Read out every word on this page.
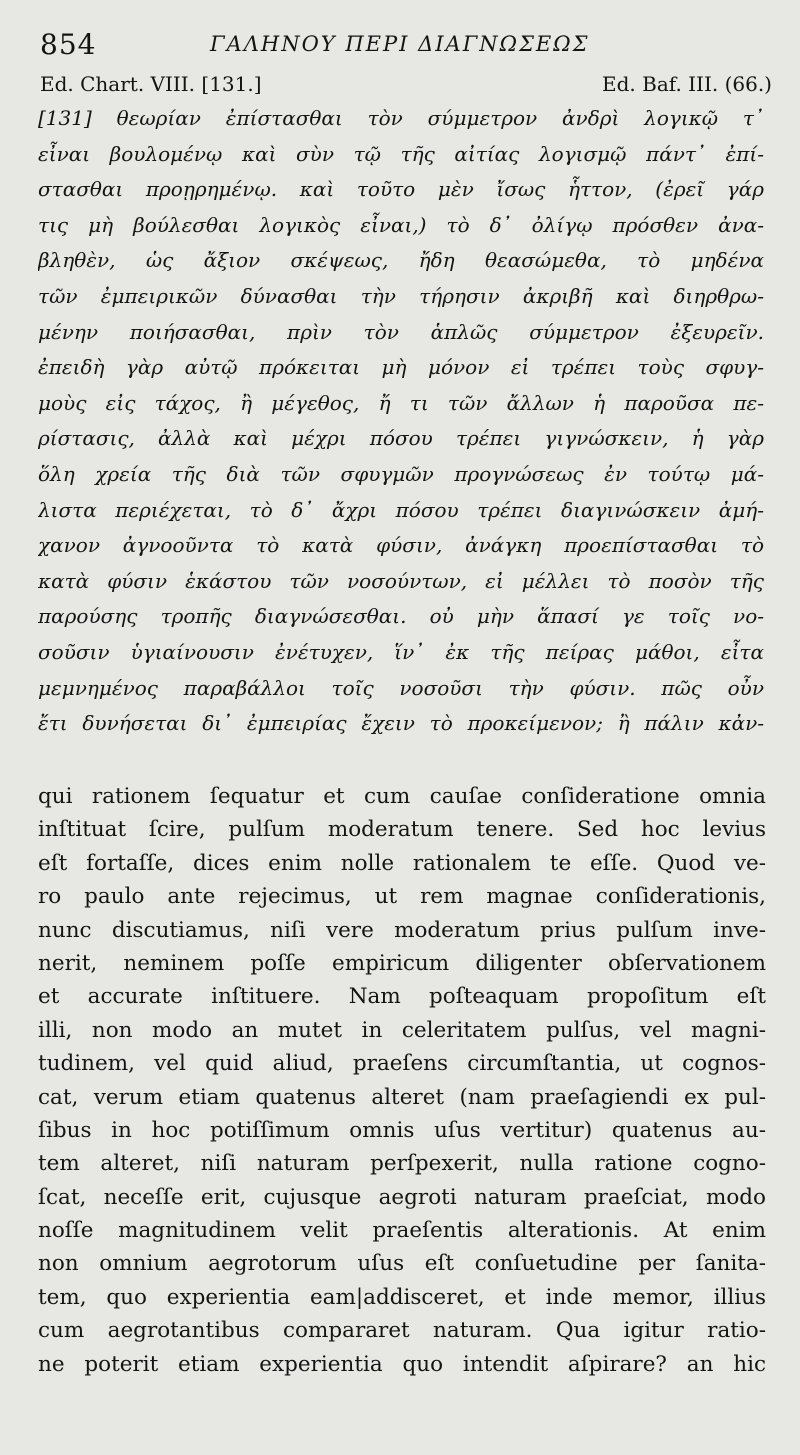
854	ΓΑΛΗΝΟΥ ΠΕΡΙ ΔΙΑΓΝΩΣΕΩΣ
Ed. Chart. VIII. [131.]	Ed. Baf. III. (66.)
[131] θεωρίαν ἐπίστασθαι τὸν σύμμετρον ἀνδρὶ λογικῷ τ᾽
εἶναι βουλομένῳ καὶ σὺν τῷ τῆς αἰτίας λογισμῷ πάντ᾽ ἐπί-
στασθαι προῃρημένῳ. καὶ τοῦτο μὲν ἴσως ἧττον, (ἐρεῖ γάρ
τις μὴ βούλεσθαι λογικὸς εἶναι,) τὸ δ᾽ ὀλίγῳ πρόσθεν ἀνα-
βληθὲν, ὡς ἄξιον σκέψεως, ἤδη θεασώμεθα, τὸ μηδένα
τῶν ἐμπειρικῶν δύνασθαι τὴν τήρησιν ἀκριβῆ καὶ διηρθρω-
μένην ποιήσασθαι, πρὶν τὸν ἁπλῶς σύμμετρον ἐξευρεῖν.
ἐπειδὴ γὰρ αὐτῷ πρόκειται μὴ μόνον εἰ τρέπει τοὺς σφυγ-
μοὺς εἰς τάχος, ἢ μέγεθος, ἤ τι τῶν ἄλλων ἡ παροῦσα πε-
ρίστασις, ἀλλὰ καὶ μέχρι πόσου τρέπει γιγνώσκειν, ἡ γὰρ
ὅλη χρεία τῆς διὰ τῶν σφυγμῶν προγνώσεως ἐν τούτῳ μά-
λιστα περιέχεται, τὸ δ᾽ ἄχρι πόσου τρέπει διαγινώσκειν ἀμή-
χανον ἀγνοοῦντα τὸ κατὰ φύσιν, ἀνάγκη προεπίστασθαι τὸ
κατὰ φύσιν ἑκάστου τῶν νοσούντων, εἰ μέλλει τὸ ποσὸν τῆς
παρούσης τροπῆς διαγνώσεσθαι. οὐ μὴν ἅπασί γε τοῖς νο-
σοῦσιν ὑγιαίνουσιν ἐνέτυχεν, ἵν᾽ ἐκ τῆς πείρας μάθοι, εἶτα
μεμνημένος παραβάλλοι τοῖς νοσοῦσι τὴν φύσιν. πῶς οὖν
ἔτι δυνήσεται δι᾽ ἐμπειρίας ἔχειν τὸ προκείμενον; ἢ πάλιν κἀν-
qui rationem ſequatur et cum cauſae conſideratione omnia
inſtituat ſcire, pulſum moderatum tenere. Sed hoc levius
eſt fortaſſe, dices enim nolle rationalem te eſſe. Quod ve-
ro paulo ante rejecimus, ut rem magnae conſiderationis,
nunc discutiamus, niſi vere moderatum prius pulſum inve-
nerit, neminem poſſe empiricum diligenter obſervationem
et accurate inſtituere. Nam poſteaquam propoſitum eſt
illi, non modo an mutet in celeritatem pulſus, vel magni-
tudinem, vel quid aliud, praeſens circumſtantia, ut cognos-
cat, verum etiam quatenus alteret (nam praeſagiendi ex pul-
ſibus in hoc potiſſimum omnis uſus vertitur) quatenus au-
tem alteret, niſi naturam perſpexerit, nulla ratione cogno-
ſcat, neceſſe erit, cujusque aegroti naturam praeſciat, modo
noſſe magnitudinem velit praeſentis alterationis. At enim
non omnium aegrotorum uſus eſt conſuetudine per ſanita-
tem, quo experientia eam|addisceret, et inde memor, illius
cum aegrotantibus compararet naturam. Qua igitur ratio-
ne poterit etiam experientia quo intendit aſpirare? an hic
